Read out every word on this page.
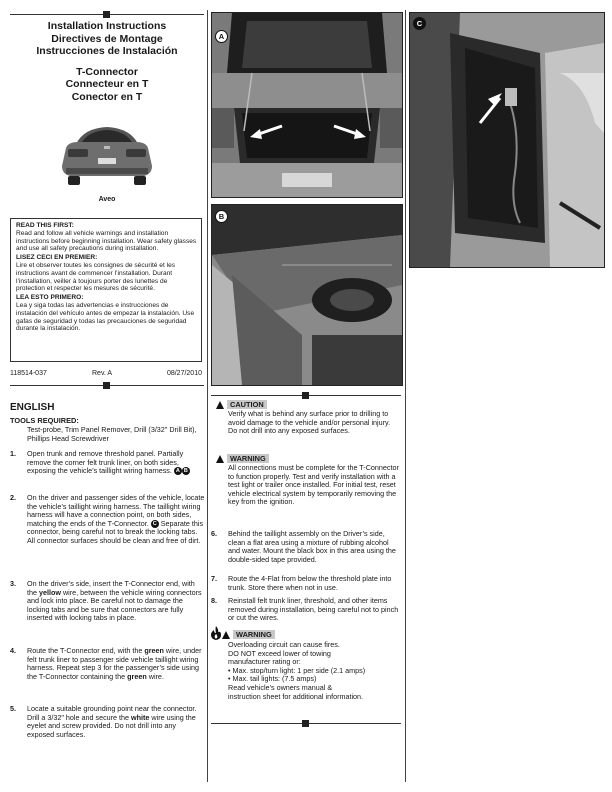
Installation Instructions
Directives de Montage
Instrucciones de Instalación
T-Connector
Connecteur en T
Conector en T
Aveo
READ THIS FIRST:

Read and follow all vehicle warnings and installation instructions before beginning installation. Wear safety glasses and use all safety precautions during installation.

LISEZ CECI EN PREMIER:

Lire et observer toutes les consignes de sécurité et les instructions avant de commencer l’installation. Durant l’installation, veiller à toujours porter des lunettes de protection et respecter les mesures de sécurité.

LEA ESTO PRIMERO:

Lea y siga todas las advertencias e instrucciones de instalación del vehículo antes de empezar la instalación. Use gafas de seguridad y todas las precauciones de seguridad durante la instalación.

118514-037	Rev. A	08/27/2010
A
B
C
ENGLISH
TOOLS REQUIRED:
Test-probe, Trim Panel Remover, Drill (3/32" Drill Bit), Phillips Head Screwdriver
1. Open trunk and remove threshold panel. Partially remove the corner felt trunk liner, on both sides, exposing the vehicle’s taillight wiring harness. A B
2. On the driver and passenger sides of the vehicle, locate the vehicle’s taillight wiring harness. The taillight wiring harness will have a connection point, on both sides, matching the ends of the T-Connector. C Separate this connector, being careful not to break the locking tabs. All connector surfaces should be clean and free of dirt.
3. On the driver’s side, insert the T-Connector end, with the yellow wire, between the vehicle wiring connectors and lock into place. Be careful not to damage the locking tabs and be sure that connectors are fully inserted with locking tabs in place.
4. Route the T-Connector end, with the green wire, under felt trunk liner to passenger side vehicle taillight wiring harness. Repeat step 3 for the passenger’s side using the T-Connector containing the green wire.
5. Locate a suitable grounding point near the connector. Drill a 3/32" hole and secure the white wire using the eyelet and screw provided. Do not drill into any exposed surfaces.
CAUTION
Verify what is behind any surface prior to drilling to avoid damage to the vehicle and/or personal injury. Do not drill into any exposed surfaces.
WARNING
All connections must be complete for the T-Connector to function properly. Test and verify installation with a test light or trailer once installed. For initial test, reset vehicle electrical system by temporarily removing the key from the ignition.
6. Behind the taillight assembly on the Driver’s side, clean a flat area using a mixture of rubbing alcohol and water. Mount the black box in this area using the double-sided tape provided.
7. Route the 4-Flat from below the threshold plate into trunk. Store there when not in use.
8. Reinstall felt trunk liner, threshold, and other items removed during installation, being careful not to pinch or cut the wires.
WARNING
Overloading circuit can cause fires.
DO NOT exceed lower of towing
manufacturer rating or:
• Max. stop/turn light: 1 per side (2.1 amps)
• Max. tail lights: (7.5 amps)
Read vehicle’s owners manual &
instruction sheet for additional information.
